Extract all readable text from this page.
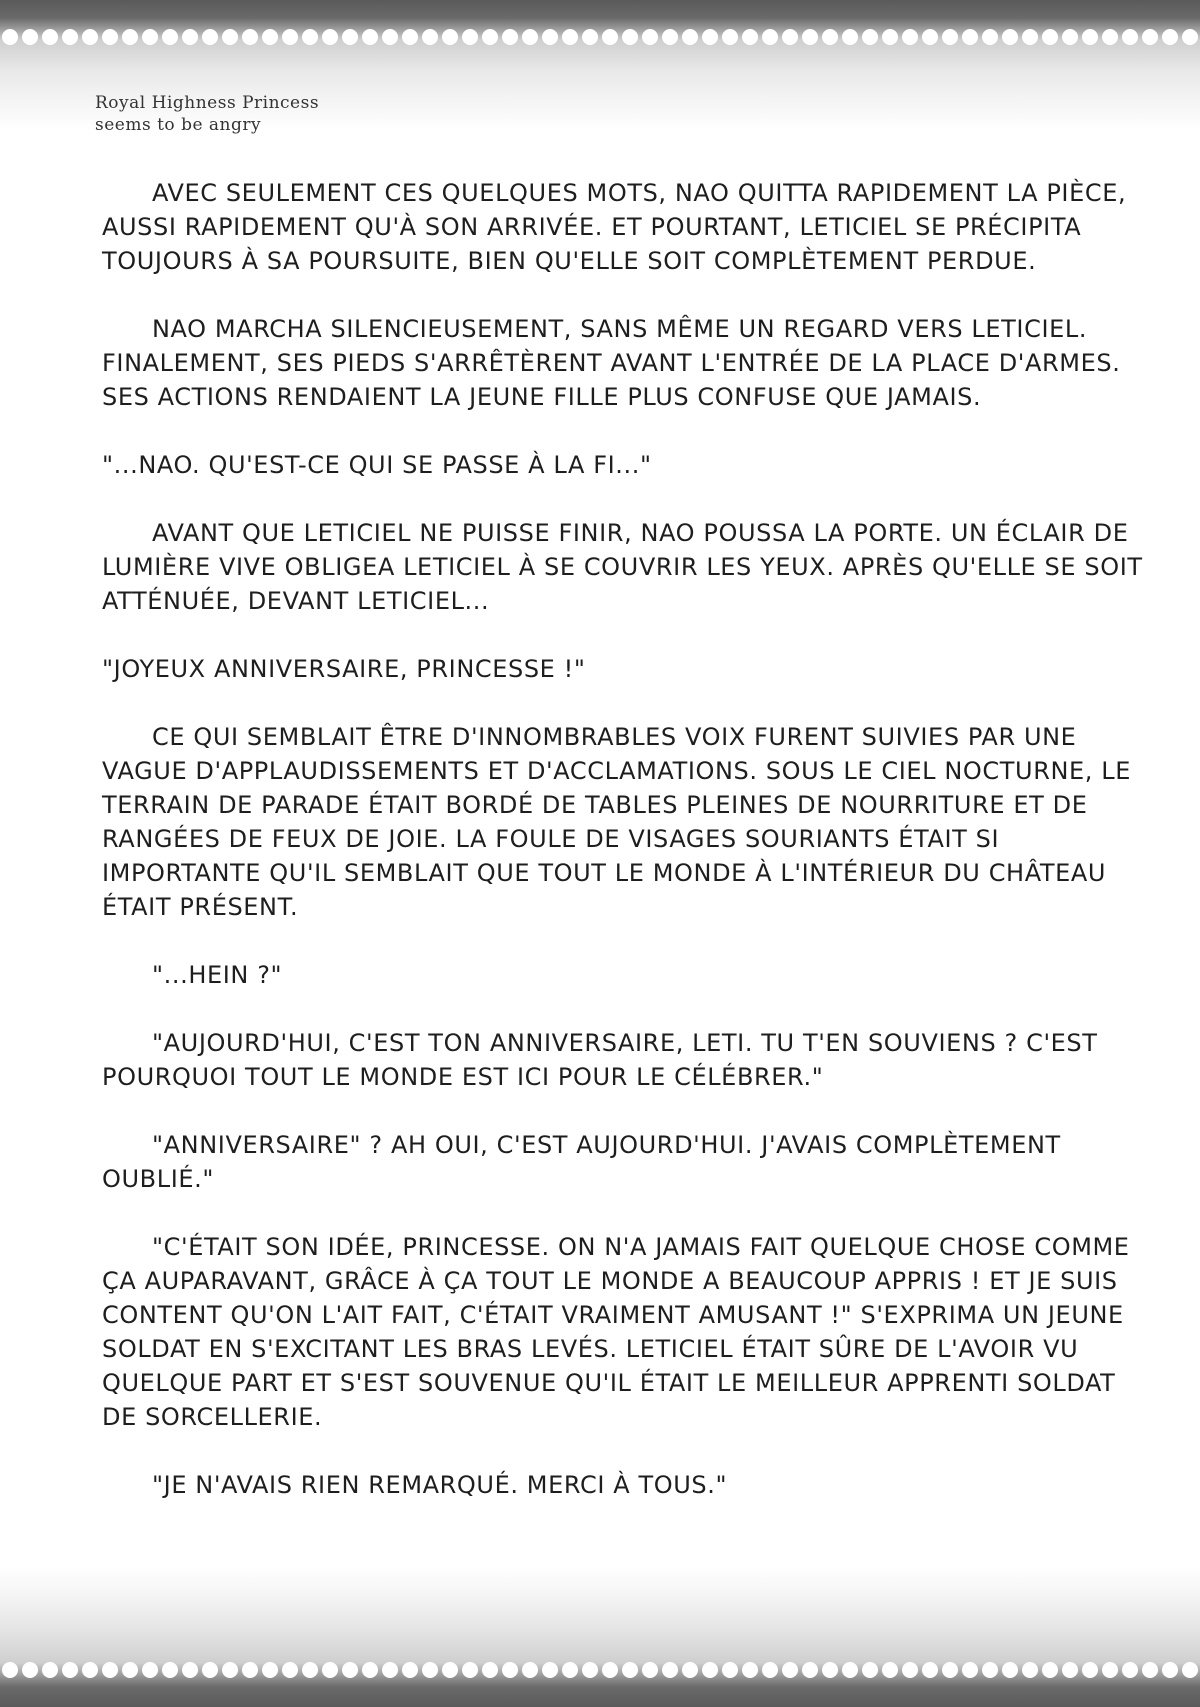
Royal Highness Princess
seems to be angry

AVEC SEULEMENT CES QUELQUES MOTS, NAO QUITTA RAPIDEMENT LA PIÈCE, AUSSI RAPIDEMENT QU'À SON ARRIVÉE. ET POURTANT, LETICIEL SE PRÉCIPITA TOUJOURS À SA POURSUITE, BIEN QU'ELLE SOIT COMPLÈTEMENT PERDUE.

NAO MARCHA SILENCIEUSEMENT, SANS MÊME UN REGARD VERS LETICIEL. FINALEMENT, SES PIEDS S'ARRÊTÈRENT AVANT L'ENTRÉE DE LA PLACE D'ARMES. SES ACTIONS RENDAIENT LA JEUNE FILLE PLUS CONFUSE QUE JAMAIS.

"...NAO. QU'EST-CE QUI SE PASSE À LA FI..."

AVANT QUE LETICIEL NE PUISSE FINIR, NAO POUSSA LA PORTE. UN ÉCLAIR DE LUMIÈRE VIVE OBLIGEA LETICIEL À SE COUVRIR LES YEUX. APRÈS QU'ELLE SE SOIT ATTÉNUÉE, DEVANT LETICIEL...

"JOYEUX ANNIVERSAIRE, PRINCESSE !"

CE QUI SEMBLAIT ÊTRE D'INNOMBRABLES VOIX FURENT SUIVIES PAR UNE VAGUE D'APPLAUDISSEMENTS ET D'ACCLAMATIONS. SOUS LE CIEL NOCTURNE, LE TERRAIN DE PARADE ÉTAIT BORDÉ DE TABLES PLEINES DE NOURRITURE ET DE RANGÉES DE FEUX DE JOIE. LA FOULE DE VISAGES SOURIANTS ÉTAIT SI IMPORTANTE QU'IL SEMBLAIT QUE TOUT LE MONDE À L'INTÉRIEUR DU CHÂTEAU ÉTAIT PRÉSENT.

"...HEIN ?"

"AUJOURD'HUI, C'EST TON ANNIVERSAIRE, LETI. TU T'EN SOUVIENS ? C'EST POURQUOI TOUT LE MONDE EST ICI POUR LE CÉLÉBRER."

"ANNIVERSAIRE" ? AH OUI, C'EST AUJOURD'HUI. J'AVAIS COMPLÈTEMENT OUBLIÉ."

"C'ÉTAIT SON IDÉE, PRINCESSE. ON N'A JAMAIS FAIT QUELQUE CHOSE COMME ÇA AUPARAVANT, GRÂCE À ÇA TOUT LE MONDE A BEAUCOUP APPRIS ! ET JE SUIS CONTENT QU'ON L'AIT FAIT, C'ÉTAIT VRAIMENT AMUSANT !" S'EXPRIMA UN JEUNE SOLDAT EN S'EXCITANT LES BRAS LEVÉS. LETICIEL ÉTAIT SÛRE DE L'AVOIR VU QUELQUE PART ET S'EST SOUVENUE QU'IL ÉTAIT LE MEILLEUR APPRENTI SOLDAT DE SORCELLERIE.

"JE N'AVAIS RIEN REMARQUÉ. MERCI À TOUS."
